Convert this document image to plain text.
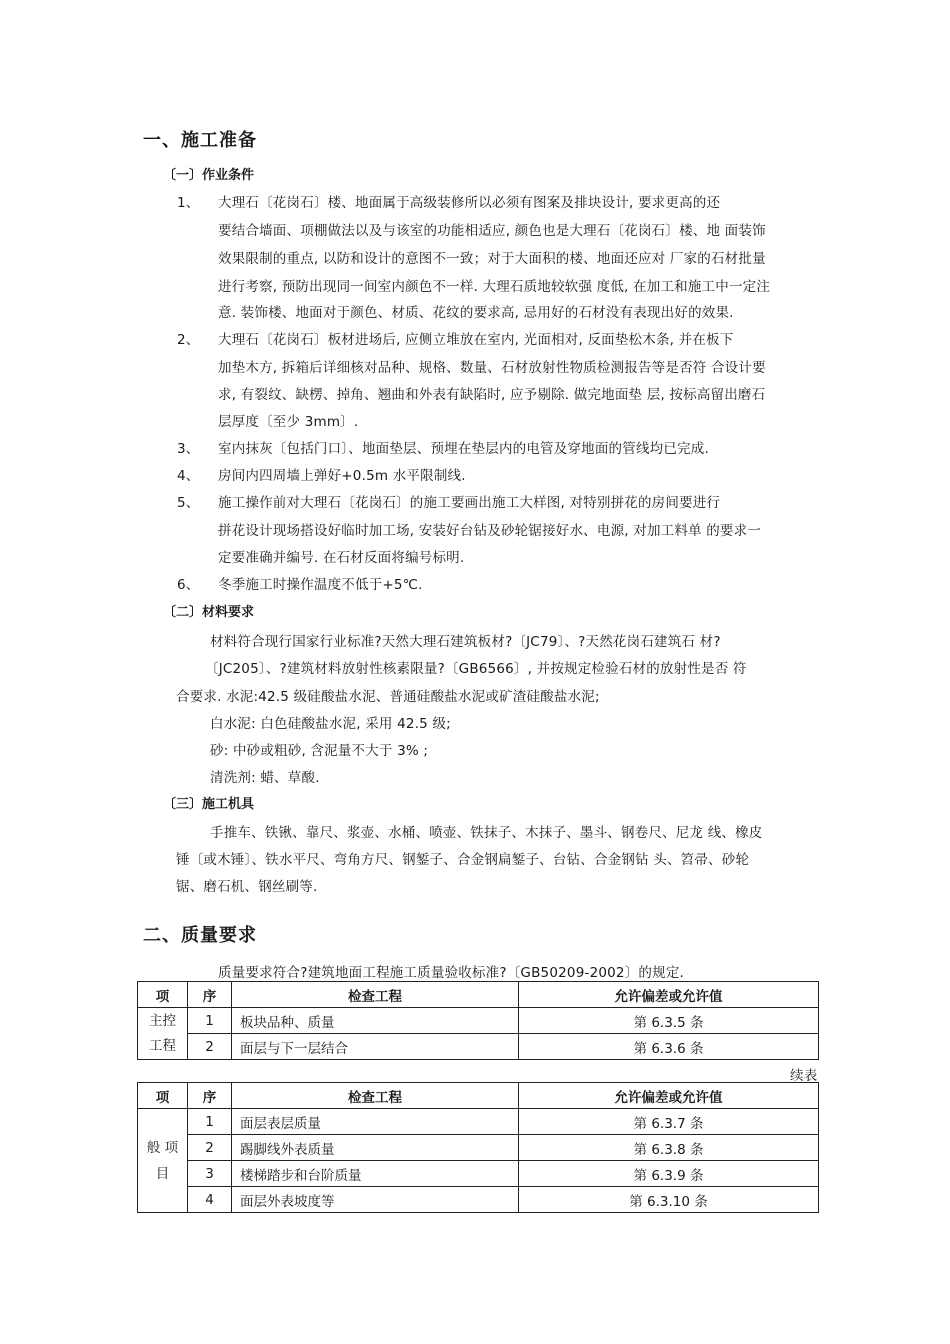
一、施工准备
〔一〕作业条件
1、 大理石〔花岗石〕楼、地面属于高级装修所以必须有图案及排块设计, 要求更高的还
要结合墙面、项棚做法以及与该室的功能相适应, 颜色也是大理石〔花岗石〕楼、地 面装饰
效果限制的重点, 以防和设计的意图不一致；对于大面积的楼、地面还应对 厂家的石材批量
进行考察, 预防出现同一间室内颜色不一样. 大理石质地较软强 度低, 在加工和施工中一定注
意. 装饰楼、地面对于颜色、材质、花纹的要求高, 忌用好的石材没有表现出好的效果.
2、 大理石〔花岗石〕板材进场后, 应侧立堆放在室内, 光面相对, 反面垫松木条, 并在板下
加垫木方, 拆箱后详细核对品种、规格、数量、石材放射性物质检测报告等是否符 合设计要
求, 有裂纹、缺楞、掉角、翘曲和外表有缺陷时, 应予剔除. 做完地面垫 层, 按标高留出磨石
层厚度〔至少 3mm〕.
3、 室内抹灰〔包括门口〕、地面垫层、预埋在垫层内的电管及穿地面的管线均已完成.
4、 房间内四周墙上弹好+0.5m 水平限制线.
5、 施工操作前对大理石〔花岗石〕的施工要画出施工大样图, 对特别拼花的房间要进行
拼花设计现场搭设好临时加工场, 安装好台钻及砂轮锯接好水、电源, 对加工料单 的要求一
定要准确并编号. 在石材反面将编号标明.
6、 冬季施工时操作温度不低于+5℃.
〔二〕材料要求
材料符合现行国家行业标准?天然大理石建筑板材?〔JC79〕、?天然花岗石建筑石 材?
〔JC205〕、?建筑材料放射性核素限量?〔GB6566〕, 并按规定检验石材的放射性是否 符
合要求. 水泥:42.5 级硅酸盐水泥、普通硅酸盐水泥或矿渣硅酸盐水泥;
白水泥: 白色硅酸盐水泥, 采用 42.5 级;
砂: 中砂或粗砂, 含泥量不大于 3% ;
清洗剂: 蜡、草酸.
〔三〕施工机具
手推车、铁锹、靠尺、浆壶、水桶、喷壶、铁抹子、木抹子、墨斗、钢卷尺、尼龙 线、橡皮
锤〔或木锤〕、铁水平尺、弯角方尺、钢錾子、合金钢扁錾子、台钻、合金钢钻 头、笤帚、砂轮
锯、磨石机、钢丝刷等.
二、质量要求
质量要求符合?建筑地面工程施工质量验收标准?〔GB50209-2002〕的规定.
项	序	检查工程	允许偏差或允许值

主控
工程	1	板块品种、质量	第 6.3.5 条
	2	面层与下一层结合	第 6.3.6 条
续表
项	序	检查工程	允许偏差或允许值

般 项
目	1	面层表层质量	第 6.3.7 条
	2	踢脚线外表质量	第 6.3.8 条
	3	楼梯踏步和台阶质量	第 6.3.9 条
	4	面层外表坡度等	第 6.3.10 条
